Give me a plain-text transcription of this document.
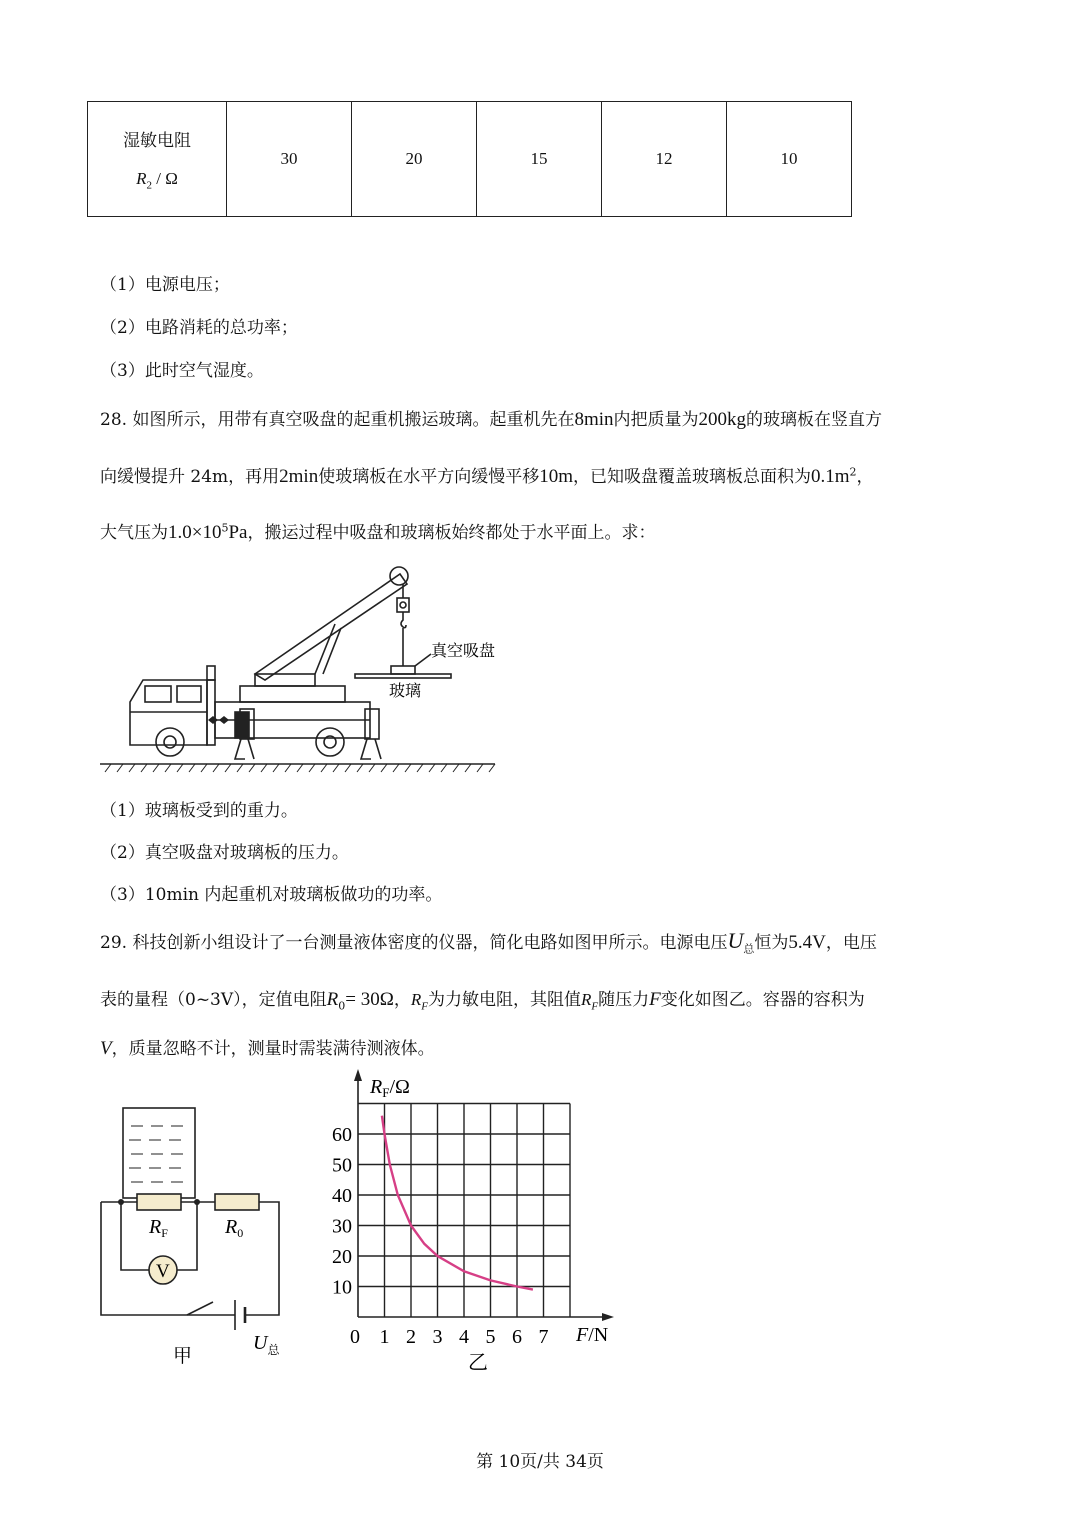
湿敏电阻
$R_2$ / Ω
	30	20	15	12	10
（1）电源电压；
（2）电路消耗的总功率；
（3）此时空气湿度。
28. 如图所示，用带有真空吸盘的起重机搬运玻璃。起重机先在8min内把质量为200kg的玻璃板在竖直方
向缓慢提升 24m，再用2min使玻璃板在水平方向缓慢平移10m，已知吸盘覆盖玻璃板总面积为$0.1m^2$，
大气压为$1.0\times 10^5Pa$，搬运过程中吸盘和玻璃板始终都处于水平面上。求：
真空吸盘
玻璃
（1）玻璃板受到的重力。
（2）真空吸盘对玻璃板的压力。
（3）10min 内起重机对玻璃板做功的功率。
29. 科技创新小组设计了一台测量液体密度的仪器，简化电路如图甲所示。电源电压$U_总$恒为5.4V，电压
表的量程（0~3V），定值电阻$R_0= 30\Omega$，$R_F$为力敏电阻，其阻值$R_F$随压力F变化如图乙。容器的容积为
V，质量忽略不计，测量时需装满待测液体。
$R_F$	$R_0$
V
$U_总$
甲
0 1 2 3 4 5 6 7
10
20
30
40
50
60
$R_F/\Omega$
F/N
乙
第 10页/共 34页
